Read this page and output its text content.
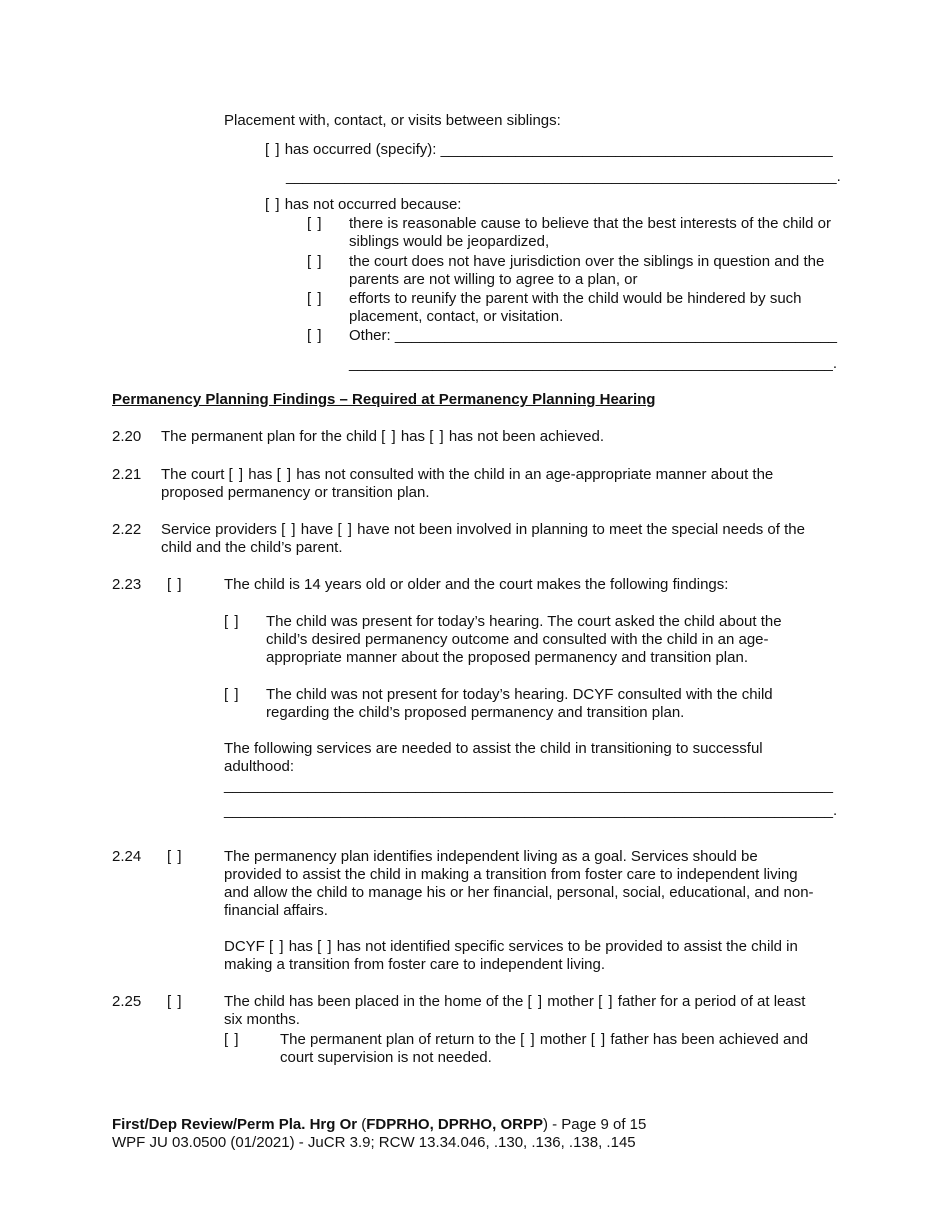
Placement with, contact, or visits between siblings:
[ ] has occurred (specify): _______________________________________________
__________________________________________________________________.
[ ] has not occurred because:
[ ] there is reasonable cause to believe that the best interests of the child or
siblings would be jeopardized,
[ ] the court does not have jurisdiction over the siblings in question and the
parents are not willing to agree to a plan, or
[ ] efforts to reunify the parent with the child would be hindered by such
placement, contact, or visitation.
[ ] Other: _____________________________________________________
__________________________________________________________.
Permanency Planning Findings – Required at Permanency Planning Hearing
2.20 The permanent plan for the child [ ] has [ ] has not been achieved.
2.21 The court [ ] has [ ] has not consulted with the child in an age-appropriate manner about the
proposed permanency or transition plan.
2.22 Service providers [ ] have [ ] have not been involved in planning to meet the special needs of the
child and the child’s parent.
2.23 [ ]	The child is 14 years old or older and the court makes the following findings:
[ ] The child was present for today’s hearing. The court asked the child about the
child’s desired permanency outcome and consulted with the child in an age-
appropriate manner about the proposed permanency and transition plan.
[ ] The child was not present for today’s hearing. DCYF consulted with the child
regarding the child’s proposed permanency and transition plan.
The following services are needed to assist the child in transitioning to successful
adulthood:
_________________________________________________________________________
_________________________________________________________________________.
2.24 [ ]	The permanency plan identifies independent living as a goal. Services should be
provided to assist the child in making a transition from foster care to independent living
and allow the child to manage his or her financial, personal, social, educational, and non-
financial affairs.
DCYF [ ] has [ ] has not identified specific services to be provided to assist the child in
making a transition from foster care to independent living.
2.25 [ ]	The child has been placed in the home of the [ ] mother [ ] father for a period of at least
six months.
[ ]	The permanent plan of return to the [ ] mother [ ] father has been achieved and
court supervision is not needed.
First/Dep Review/Perm Pla. Hrg Or (FDPRHO, DPRHO, ORPP) - Page 9 of 15
WPF JU 03.0500 (01/2021) - JuCR 3.9; RCW 13.34.046, .130, .136, .138, .145
